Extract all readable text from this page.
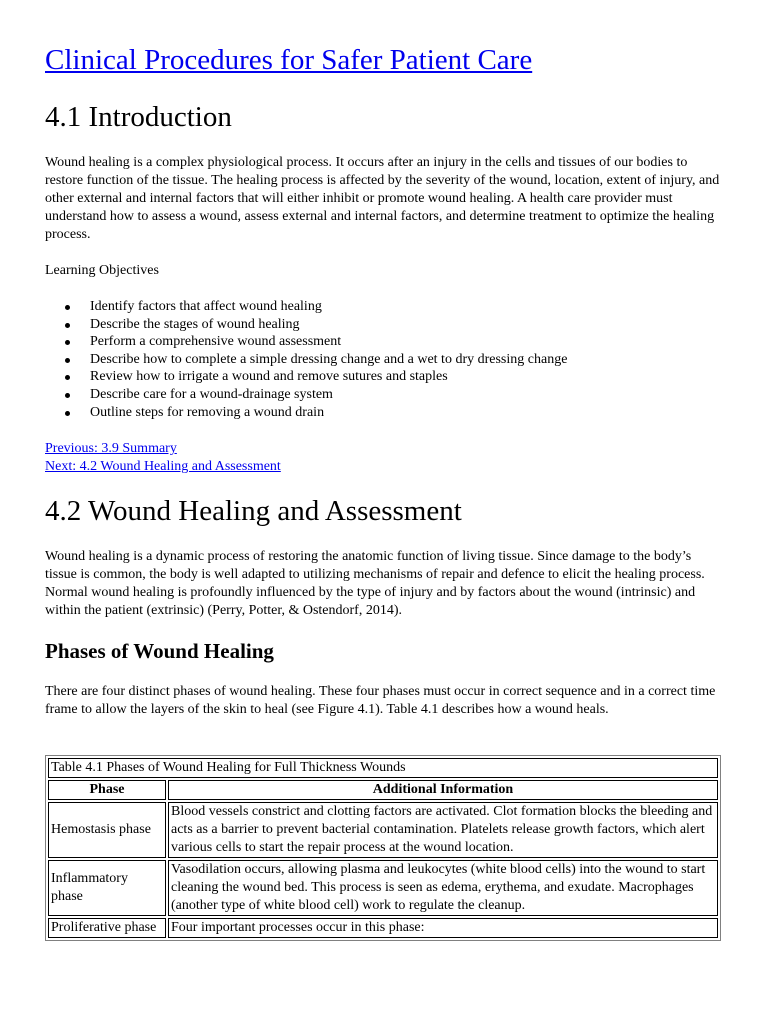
Clinical Procedures for Safer Patient Care
4.1 Introduction

Wound healing is a complex physiological process. It occurs after an injury in the cells and tissues of our bodies to restore function of the tissue. The healing process is affected by the severity of the wound, location, extent of injury, and other external and internal factors that will either inhibit or promote wound healing. A health care provider must understand how to assess a wound, assess external and internal factors, and determine treatment to optimize the healing process.

Learning Objectives

Identify factors that affect wound healing
Describe the stages of wound healing
Perform a comprehensive wound assessment
Describe how to complete a simple dressing change and a wet to dry dressing change
Review how to irrigate a wound and remove sutures and staples
Describe care for a wound-drainage system
Outline steps for removing a wound drain
Previous: 3.9 Summary
Next: 4.2 Wound Healing and Assessment
4.2 Wound Healing and Assessment

Wound healing is a dynamic process of restoring the anatomic function of living tissue. Since damage to the body’s tissue is common, the body is well adapted to utilizing mechanisms of repair and defence to elicit the healing process. Normal wound healing is profoundly influenced by the type of injury and by factors about the wound (intrinsic) and within the patient (extrinsic) (Perry, Potter, & Ostendorf, 2014).

Phases of Wound Healing

There are four distinct phases of wound healing. These four phases must occur in correct sequence and in a correct time frame to allow the layers of the skin to heal (see Figure 4.1). Table 4.1 describes how a wound heals.

Table 4.1 Phases of Wound Healing for Full Thickness Wounds	
Phase	Additional Information
Hemostasis phase	Blood vessels constrict and clotting factors are activated. Clot formation blocks the bleeding and acts as a barrier to prevent bacterial contamination. Platelets release growth factors, which alert various cells to start the repair process at the wound location.
Inflammatory phase	Vasodilation occurs, allowing plasma and leukocytes (white blood cells) into the wound to start cleaning the wound bed. This process is seen as edema, erythema, and exudate. Macrophages (another type of white blood cell) work to regulate the cleanup.
Proliferative phase	Four important processes occur in this phase:
